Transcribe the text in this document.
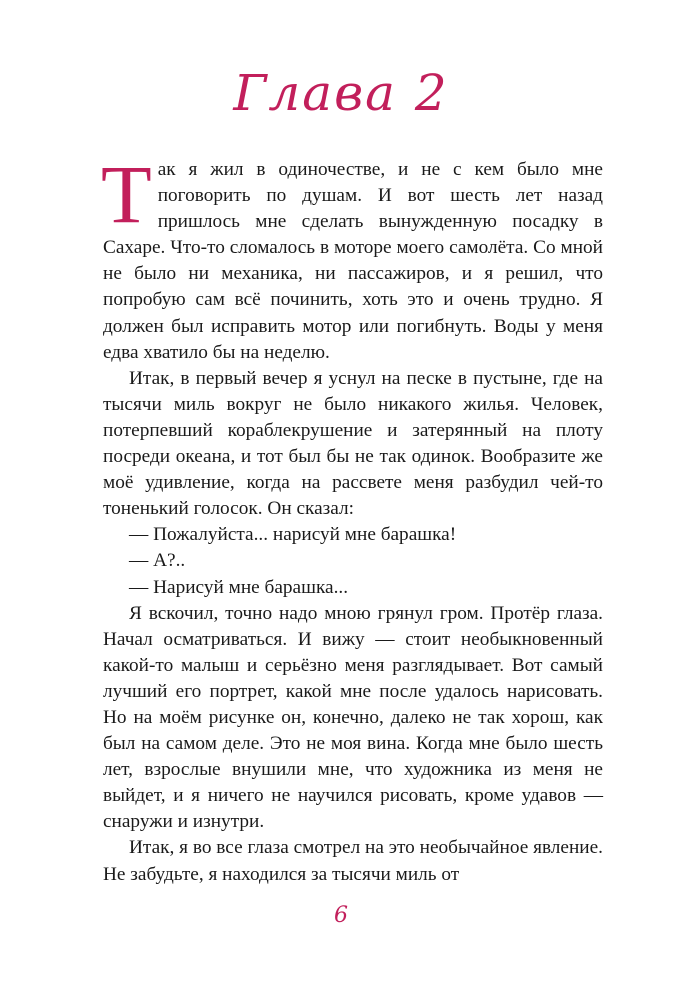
Глава 2

Так я жил в одиночестве, и не с кем было мне поговорить по душам. И вот шесть лет назад пришлось мне сделать вынужденную посадку в Сахаре. Что-то сломалось в моторе моего самолёта. Со мной не было ни механика, ни пассажиров, и я решил, что попробую сам всё починить, хоть это и очень трудно. Я должен был исправить мотор или погибнуть. Воды у меня едва хватило бы на неделю.

Итак, в первый вечер я уснул на песке в пустыне, где на тысячи миль вокруг не было никакого жилья. Человек, потерпевший кораблекрушение и затерянный на плоту посреди океана, и тот был бы не так одинок. Вообразите же моё удивление, когда на рассвете меня разбудил чей-то тоненький голосок. Он сказал:

— Пожалуйста... нарисуй мне барашка!

— А?..

— Нарисуй мне барашка...

Я вскочил, точно надо мною грянул гром. Протёр глаза. Начал осматриваться. И вижу — стоит необыкновенный какой-то малыш и серьёзно меня разглядывает. Вот самый лучший его портрет, какой мне после удалось нарисовать. Но на моём рисунке он, конечно, далеко не так хорош, как был на самом деле. Это не моя вина. Когда мне было шесть лет, взрослые внушили мне, что художника из меня не выйдет, и я ничего не научился рисовать, кроме удавов — снаружи и изнутри.

Итак, я во все глаза смотрел на это необычайное явление. Не забудьте, я находился за тысячи миль от

6
